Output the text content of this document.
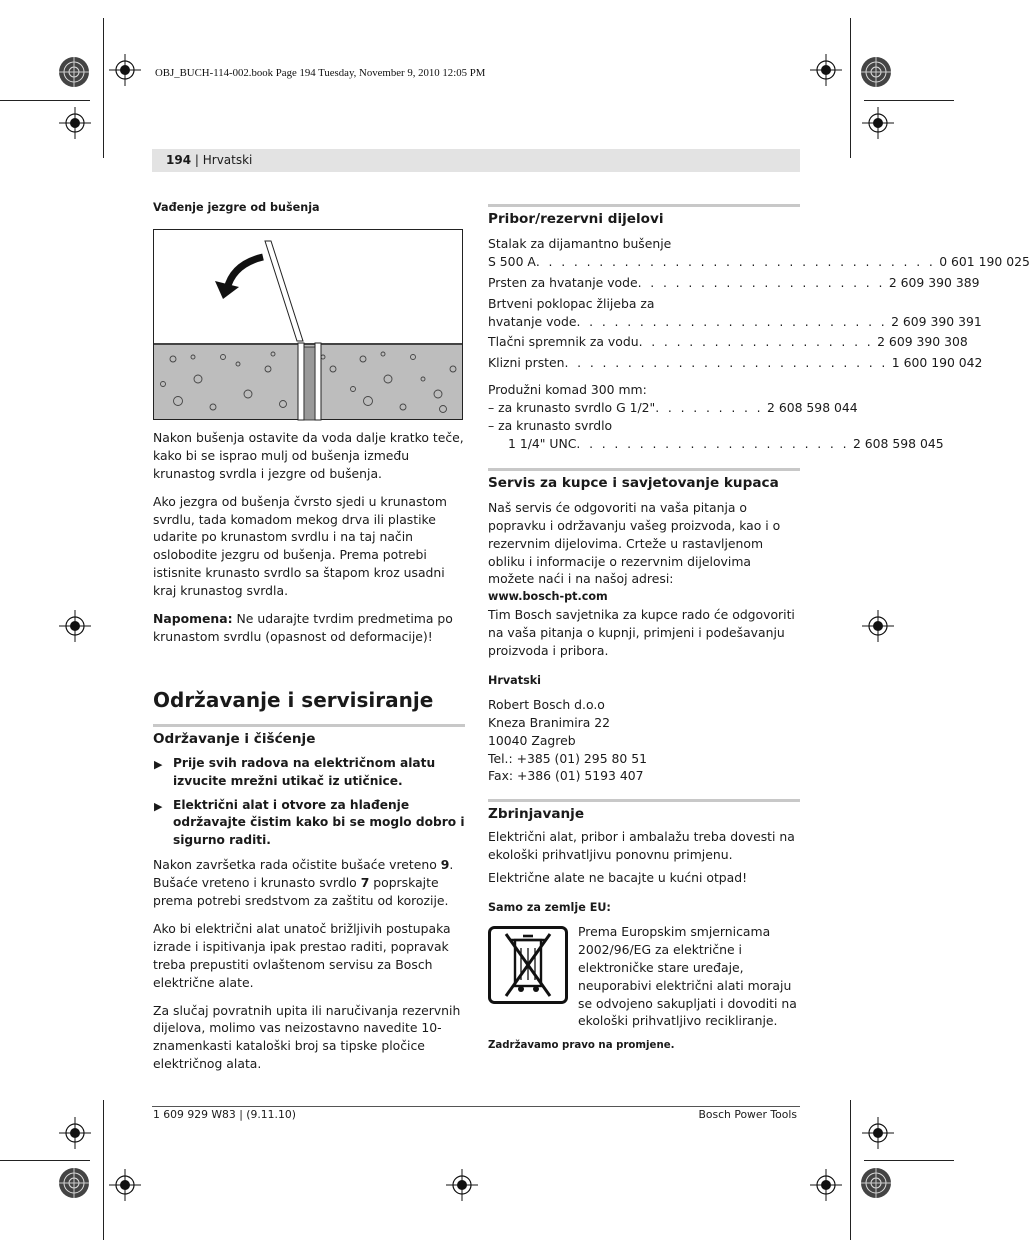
OBJ_BUCH-114-002.book Page 194 Tuesday, November 9, 2010 12:05 PM
194 | Hrvatski
Vađenje jezgre od bušenja

Nakon bušenja ostavite da voda dalje kratko teče, kako bi se isprao mulj od bušenja između krunastog svrdla i jezgre od bušenja.

Ako jezgra od bušenja čvrsto sjedi u krunastom svrdlu, tada komadom mekog drva ili plastike udarite po krunastom svrdlu i na taj način oslobodite jezgru od bušenja. Prema potrebi istisnite krunasto svrdlo sa štapom kroz usadni kraj krunastog svrdla.

Napomena: Ne udarajte tvrdim predmetima po krunastom svrdlu (opasnost od deformacije)!

Održavanje i servisiranje
Održavanje i čišćenje
▶ Prije svih radova na električnom alatu izvucite mrežni utikač iz utičnice.
▶ Električni alat i otvore za hlađenje održavajte čistim kako bi se moglo dobro i sigurno raditi.

Nakon završetka rada očistite bušaće vreteno 9. Bušaće vreteno i krunasto svrdlo 7 poprskajte prema potrebi sredstvom za zaštitu od korozije.

Ako bi električni alat unatoč brižljivih postupaka izrade i ispitivanja ipak prestao raditi, popravak treba prepustiti ovlaštenom servisu za Bosch električne alate.

Za slučaj povratnih upita ili naručivanja rezervnih dijelova, molimo vas neizostavno navedite 10-znamenkasti kataloški broj sa tipske pločice električnog alata.

Pribor/rezervni dijelovi
Stalak za dijamantno bušenje
S 500 A . . . . . . . . . . . . . . . . . . . . . . . . . . . . . . . . 0 601 190 025
Prsten za hvatanje vode . . . . . . . . . . . . . . . . . . . . 2 609 390 389
Brtveni poklopac žlijeba za
hvatanje vode . . . . . . . . . . . . . . . . . . . . . . . . . 2 609 390 391
Tlačni spremnik za vodu . . . . . . . . . . . . . . . . . . . 2 609 390 308
Klizni prsten . . . . . . . . . . . . . . . . . . . . . . . . . . 1 600 190 042
Produžni komad 300 mm:
– za krunasto svrdlo G 1/2" . . . . . . . . . 2 608 598 044
– za krunasto svrdlo
1 1/4" UNC . . . . . . . . . . . . . . . . . . . . . . 2 608 598 045
Servis za kupce i savjetovanje kupaca
Naš servis će odgovoriti na vaša pitanja o popravku i održavanju vašeg proizvoda, kao i o rezervnim dijelovima. Crteže u rastavljenom obliku i informacije o rezervnim dijelovima možete naći i na našoj adresi:
www.bosch-pt.com

Tim Bosch savjetnika za kupce rado će odgovoriti na vaša pitanja o kupnji, primjeni i podešavanju proizvoda i pribora.

Hrvatski
Robert Bosch d.o.o
Kneza Branimira 22
10040 Zagreb
Tel.: +385 (01) 295 80 51
Fax: +386 (01) 5193 407
Zbrinjavanje

Električni alat, pribor i ambalažu treba dovesti na ekološki prihvatljivu ponovnu primjenu.

Električne alate ne bacajte u kućni otpad!

Samo za zemlje EU:
Prema Europskim smjernicama 2002/96/EG za električne i elektroničke stare uređaje, neuporabivi električni alati moraju se odvojeno sakupljati i dovoditi na ekološki prihvatljivo recikliranje.
Zadržavamo pravo na promjene.
1 609 929 W83 | (9.11.10)	Bosch Power Tools
